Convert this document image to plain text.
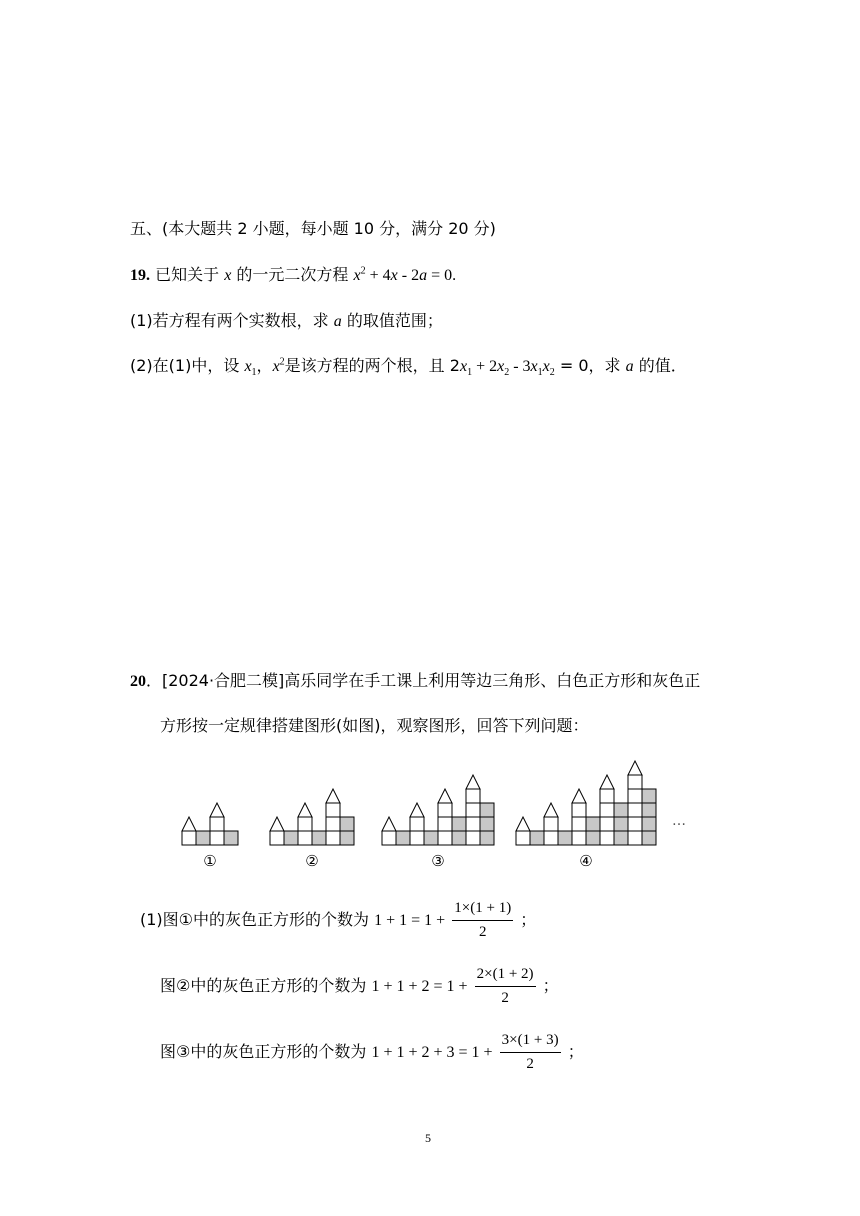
五、(本大题共 2 小题，每小题 10 分，满分 20 分)
19. 已知关于 x 的一元二次方程 $x^2 + 4x - 2a = 0$.
(1)若方程有两个实数根，求 a 的取值范围；
(2)在(1)中，设 $x_1$，$x^2$是该方程的两个根，且 $2x_1 + 2x_2 - 3x_1x_2 = 0$，求 a 的值．
20．[2024·合肥二模]高乐同学在手工课上利用等边三角形、白色正方形和灰色正
方形按一定规律搭建图形(如图)，观察图形，回答下列问题：
①	②	③	④
…
(1)图①中的灰色正方形的个数为 $1 + 1 = 1 + \frac{1\times(1 + 1)}{2}$ ；
图②中的灰色正方形的个数为 $1 + 1 + 2 = 1 + \frac{2\times(1 + 2)}{2}$ ；
图③中的灰色正方形的个数为 $1 + 1 + 2 + 3 = 1 + \frac{3\times(1 + 3)}{2}$ ；
5
